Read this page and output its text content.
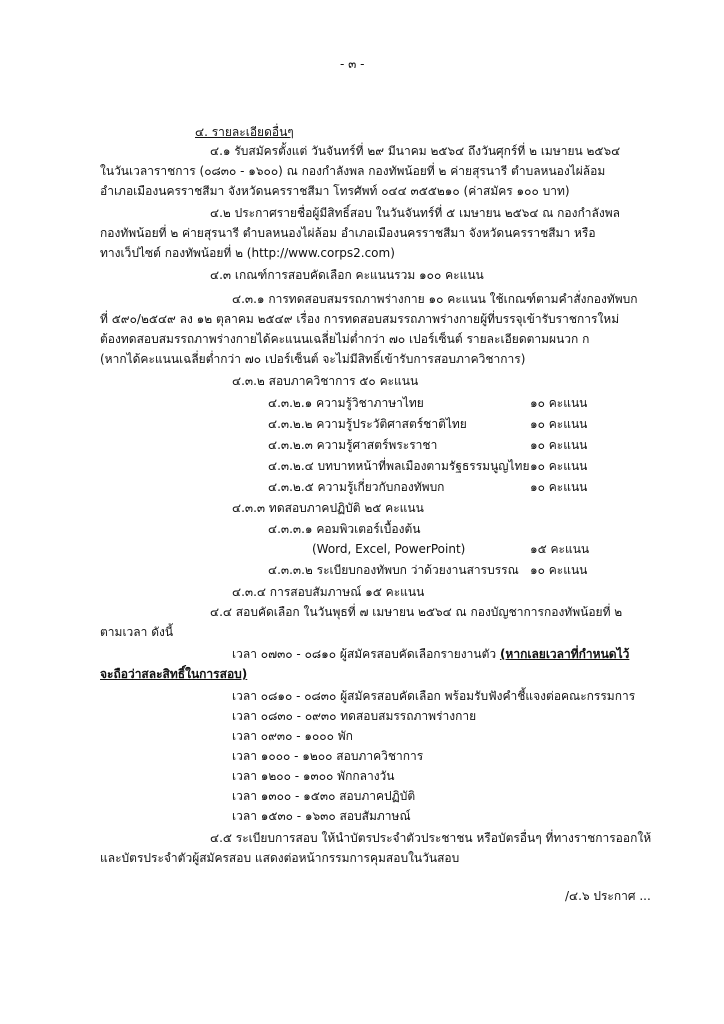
- ๓ -
๔. รายละเอียดอื่นๆ
๔.๑ รับสมัครตั้งแต่ วันจันทร์ที่ ๒๙ มีนาคม ๒๕๖๔ ถึงวันศุกร์ที่ ๒ เมษายน ๒๕๖๔
ในวันเวลาราชการ (๐๘๓๐ - ๑๖๐๐) ณ กองกำลังพล กองทัพน้อยที่ ๒ ค่ายสุรนารี ตำบลหนองไผ่ล้อม
อำเภอเมืองนครราชสีมา จังหวัดนครราชสีมา โทรศัพท์ ๐๔๔ ๓๕๕๒๑๐ (ค่าสมัคร ๑๐๐ บาท)
๔.๒ ประกาศรายชื่อผู้มีสิทธิ์สอบ ในวันจันทร์ที่ ๕ เมษายน ๒๕๖๔ ณ กองกำลังพล
กองทัพน้อยที่ ๒ ค่ายสุรนารี ตำบลหนองไผ่ล้อม อำเภอเมืองนครราชสีมา จังหวัดนครราชสีมา หรือ
ทางเว็ปไซต์ กองทัพน้อยที่ ๒ (http://www.corps2.com)
๔.๓ เกณฑ์การสอบคัดเลือก คะแนนรวม ๑๐๐ คะแนน
๔.๓.๑ การทดสอบสมรรถภาพร่างกาย ๑๐ คะแนน ใช้เกณฑ์ตามคำสั่งกองทัพบก
ที่ ๕๙๐/๒๕๔๙ ลง ๑๒ ตุลาคม ๒๕๔๙ เรื่อง การทดสอบสมรรถภาพร่างกายผู้ที่บรรจุเข้ารับราชการใหม่
ต้องทดสอบสมรรถภาพร่างกายได้คะแนนเฉลี่ยไม่ต่ำกว่า ๗๐ เปอร์เซ็นต์ รายละเอียดตามผนวก ก
(หากได้คะแนนเฉลี่ยต่ำกว่า ๗๐ เปอร์เซ็นต์ จะไม่มีสิทธิ์เข้ารับการสอบภาควิชาการ)
๔.๓.๒ สอบภาควิชาการ ๕๐ คะแนน
๔.๓.๒.๑ ความรู้วิชาภาษาไทย	๑๐ คะแนน
๔.๓.๒.๒ ความรู้ประวัติศาสตร์ชาติไทย	๑๐ คะแนน
๔.๓.๒.๓ ความรู้ศาสตร์พระราชา	๑๐ คะแนน
๔.๓.๒.๔ บทบาทหน้าที่พลเมืองตามรัฐธรรมนูญไทย ๑๐ คะแนน
๔.๓.๒.๕ ความรู้เกี่ยวกับกองทัพบก	๑๐ คะแนน
๔.๓.๓ ทดสอบภาคปฏิบัติ ๒๕ คะแนน
๔.๓.๓.๑ คอมพิวเตอร์เบื้องต้น
(Word, Excel, PowerPoint)	๑๕ คะแนน
๔.๓.๓.๒ ระเบียบกองทัพบก ว่าด้วยงานสารบรรณ ๑๐ คะแนน
๔.๓.๔ การสอบสัมภาษณ์ ๑๕ คะแนน
๔.๔ สอบคัดเลือก ในวันพุธที่ ๗ เมษายน ๒๕๖๔ ณ กองบัญชาการกองทัพน้อยที่ ๒
ตามเวลา ดังนี้
เวลา ๐๗๓๐ - ๐๘๑๐ ผู้สมัครสอบคัดเลือกรายงานตัว (หากเลยเวลาที่กำหนดไว้
จะถือว่าสละสิทธิ์ในการสอบ)
เวลา ๐๘๑๐ - ๐๘๓๐ ผู้สมัครสอบคัดเลือก พร้อมรับฟังคำชี้แจงต่อคณะกรรมการ
เวลา ๐๘๓๐ - ๐๙๓๐ ทดสอบสมรรถภาพร่างกาย
เวลา ๐๙๓๐ - ๑๐๐๐ พัก
เวลา ๑๐๐๐ - ๑๒๐๐ สอบภาควิชาการ
เวลา ๑๒๐๐ - ๑๓๐๐ พักกลางวัน
เวลา ๑๓๐๐ - ๑๕๓๐ สอบภาคปฏิบัติ
เวลา ๑๕๓๐ - ๑๖๓๐ สอบสัมภาษณ์
๔.๕ ระเบียบการสอบ ให้นำบัตรประจำตัวประชาชน หรือบัตรอื่นๆ ที่ทางราชการออกให้
และบัตรประจำตัวผู้สมัครสอบ แสดงต่อหน้ากรรมการคุมสอบในวันสอบ
/๔.๖ ประกาศ ...
